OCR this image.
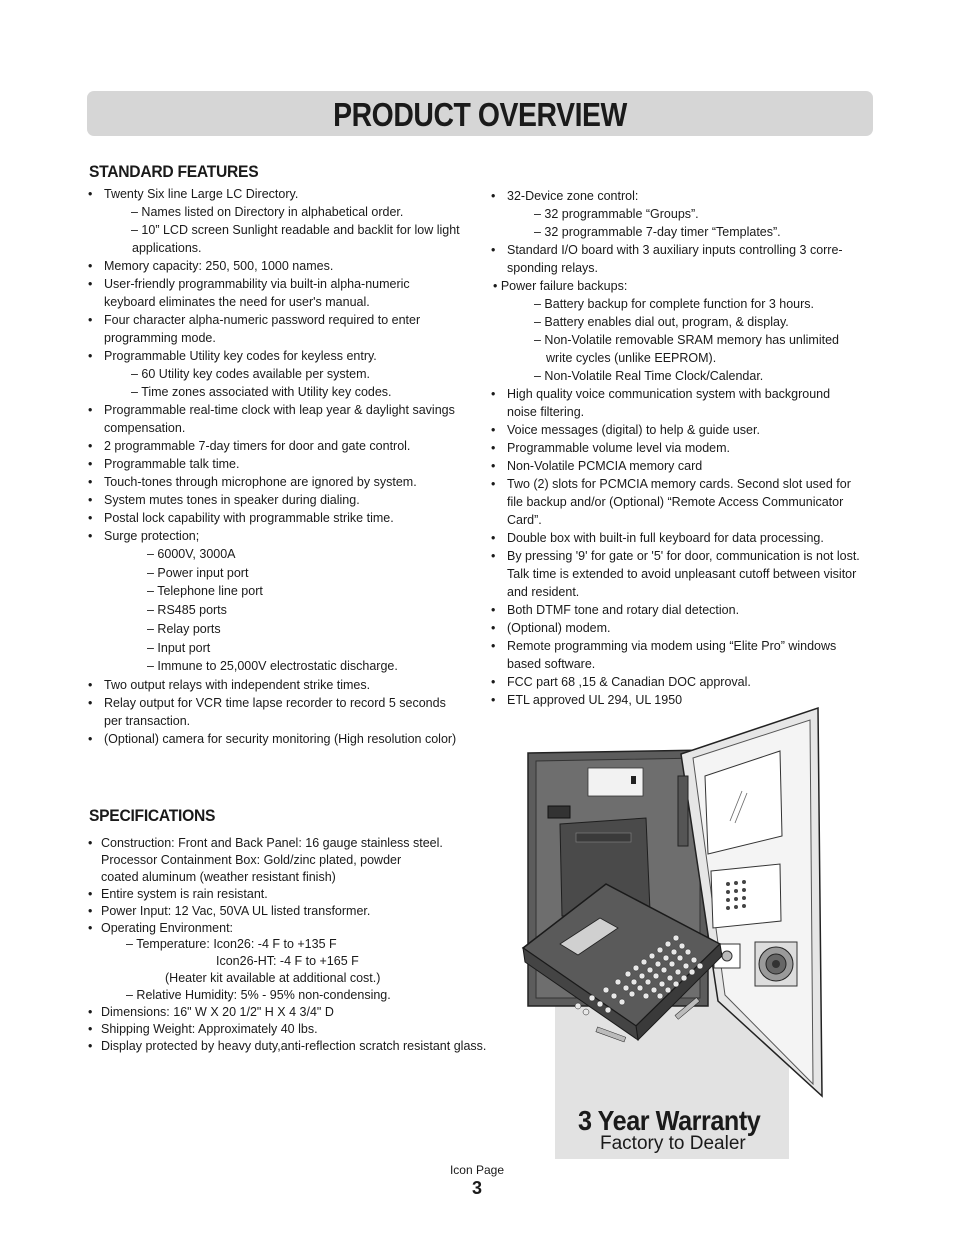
PRODUCT OVERVIEW
STANDARD FEATURES
• Twenty Six line Large LC Directory.
– Names listed on Directory in alphabetical order.
– 10” LCD screen Sunlight readable and backlit for low light
applications.
• Memory capacity: 250, 500, 1000 names.
• User-friendly programmability via built-in alpha-numeric
keyboard eliminates the need for user's manual.
• Four character alpha-numeric password required to enter
programming mode.
• Programmable Utility key codes for keyless entry.
– 60 Utility key codes available per system.
– Time zones associated with Utility key codes.
• Programmable real-time clock with leap year & daylight savings
compensation.
• 2 programmable 7-day timers for door and gate control.
• Programmable talk time.
• Touch-tones through microphone are ignored by system.
• System mutes tones in speaker during dialing.
• Postal lock capability with programmable strike time.
• Surge protection;
– 6000V, 3000A
– Power input port
– Telephone line port
– RS485 ports
– Relay ports
– Input port
– Immune to 25,000V electrostatic discharge.
• Two output relays with independent strike times.
• Relay output for VCR time lapse recorder to record 5 seconds
per transaction.
• (Optional) camera for security monitoring (High resolution color)
• 32-Device zone control:
– 32 programmable “Groups”.
– 32 programmable 7-day timer “Templates”.
• Standard I/O board with 3 auxiliary inputs controlling 3 corre-
sponding relays.
• Power failure backups:
– Battery backup for complete function for 3 hours.
– Battery enables dial out, program, & display.
– Non-Volatile removable SRAM memory has unlimited
write cycles (unlike EEPROM).
– Non-Volatile Real Time Clock/Calendar.
• High quality voice communication system with background
noise filtering.
• Voice messages (digital) to help & guide user.
• Programmable volume level via modem.
• Non-Volatile PCMCIA memory card
• Two (2) slots for PCMCIA memory cards. Second slot used for
file backup and/or (Optional) “Remote Access Communicator
Card”.
• Double box with built-in full keyboard for data processing.
• By pressing '9' for gate or '5' for door, communication is not lost.
Talk time is extended to avoid unpleasant cutoff between visitor
and resident.
• Both DTMF tone and rotary dial detection.
• (Optional) modem.
• Remote programming via modem using “Elite Pro” windows
based software.
• FCC part 68 ,15 & Canadian DOC approval.
• ETL approved UL 294, UL 1950
SPECIFICATIONS
• Construction: Front and Back Panel: 16 gauge stainless steel.
Processor Containment Box: Gold/zinc plated, powder
coated aluminum (weather resistant finish)
• Entire system is rain resistant.
• Power Input: 12 Vac, 50VA UL listed transformer.
• Operating Environment:
– Temperature: Icon26: -4 F to +135 F
Icon26-HT: -4 F to +165 F
(Heater kit available at additional cost.)
– Relative Humidity: 5% - 95% non-condensing.
• Dimensions: 16" W X 20 1/2" H X 4 3/4" D
• Shipping Weight: Approximately 40 lbs.
• Display protected by heavy duty,anti-reflection scratch resistant glass.
3 Year Warranty
Factory to Dealer
Icon Page
3
